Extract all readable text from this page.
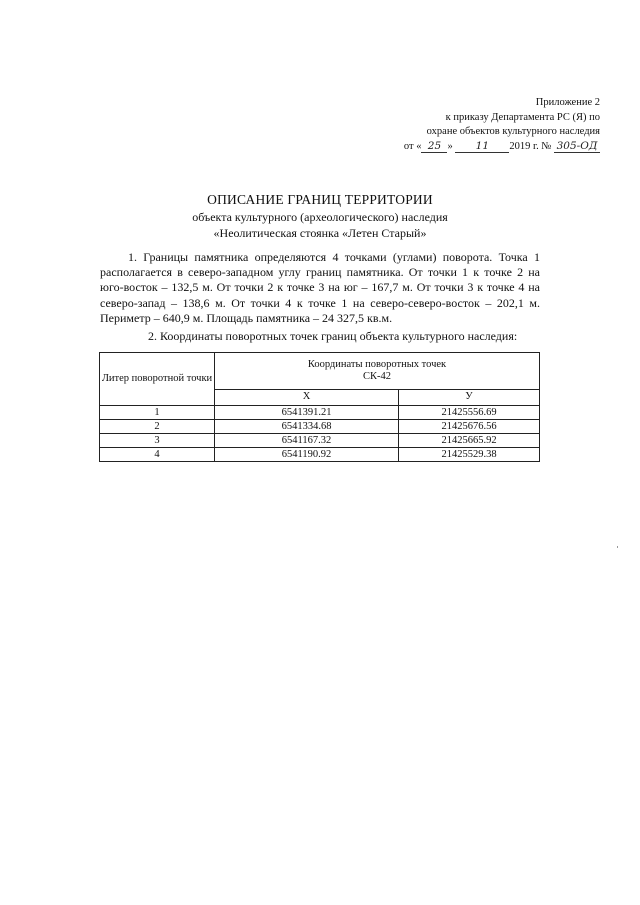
Приложение 2
к приказу Департамента РС (Я) по
охране объектов культурного наследия
от « 25 » 11 2019 г. № 305-ОД
ОПИСАНИЕ ГРАНИЦ ТЕРРИТОРИИ
объекта культурного (археологического) наследия
«Неолитическая стоянка «Летен Старый»

1. Границы памятника определяются 4 точками (углами) поворота. Точка 1 располагается в северо-западном углу границ памятника. От точки 1 к точке 2 на юго-восток – 132,5 м. От точки 2 к точке 3 на юг – 167,7 м. От точки 3 к точке 4 на северо-запад – 138,6 м. От точки 4 к точке 1 на северо-северо-восток – 202,1 м. Периметр – 640,9 м. Площадь памятника – 24 327,5 кв.м.

2. Координаты поворотных точек границ объекта культурного наследия:

Литер поворотной точки	Координаты поворотных точек
СК-42	

	X	У
1	6541391.21	21425556.69
2	6541334.68	21425676.56
3	6541167.32	21425665.92
4	6541190.92	21425529.38
